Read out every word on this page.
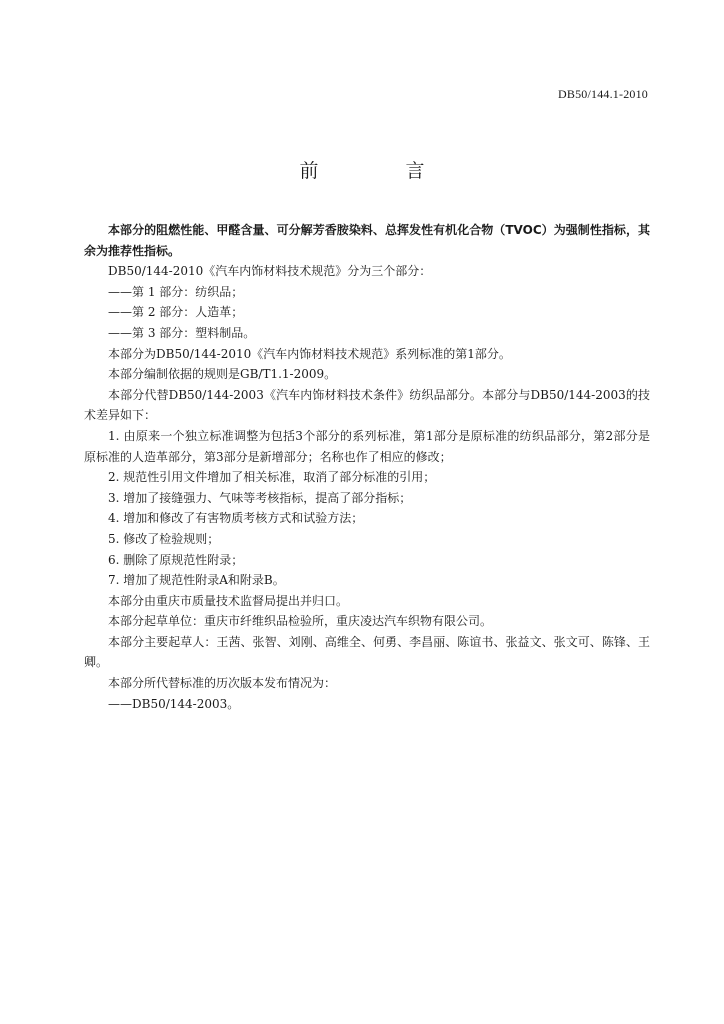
DB50/144.1-2010
前　言

本部分的阻燃性能、甲醛含量、可分解芳香胺染料、总挥发性有机化合物（TVOC）为强制性指标，其余为推荐性指标。

DB50/144-2010《汽车内饰材料技术规范》分为三个部分：

——第 1 部分：纺织品；

——第 2 部分：人造革；

——第 3 部分：塑料制品。

本部分为DB50/144-2010《汽车内饰材料技术规范》系列标准的第1部分。

本部分编制依据的规则是GB/T1.1-2009。

本部分代替DB50/144-2003《汽车内饰材料技术条件》纺织品部分。本部分与DB50/144-2003的技术差异如下：

1. 由原来一个独立标准调整为包括3个部分的系列标准，第1部分是原标准的纺织品部分，第2部分是原标准的人造革部分，第3部分是新增部分；名称也作了相应的修改；

2. 规范性引用文件增加了相关标准，取消了部分标准的引用；

3. 增加了接缝强力、气味等考核指标，提高了部分指标；

4. 增加和修改了有害物质考核方式和试验方法；

5. 修改了检验规则；

6. 删除了原规范性附录；

7. 增加了规范性附录A和附录B。

本部分由重庆市质量技术监督局提出并归口。

本部分起草单位：重庆市纤维织品检验所，重庆凌达汽车织物有限公司。

本部分主要起草人：王茜、张智、刘刚、高维全、何勇、李昌丽、陈谊书、张益文、张文可、陈锋、王卿。

本部分所代替标准的历次版本发布情况为：

——DB50/144-2003。
